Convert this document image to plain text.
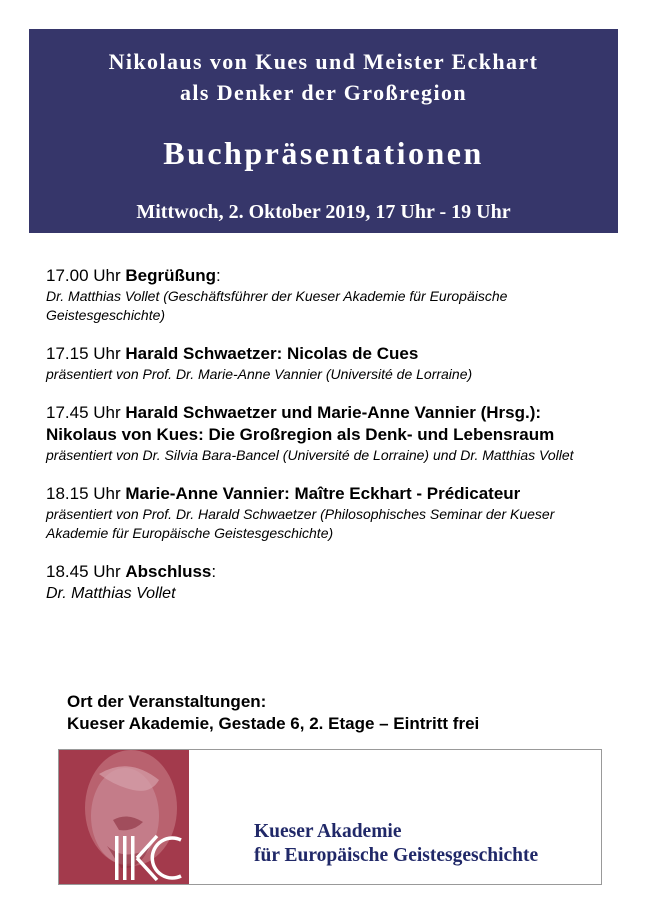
Nikolaus von Kues und Meister Eckhart
als Denker der Großregion
Buchpräsentationen
Mittwoch, 2. Oktober 2019, 17 Uhr - 19 Uhr
17.00 Uhr Begrüßung:
Dr. Matthias Vollet (Geschäftsführer der Kueser Akademie für Europäische Geistesgeschichte)
17.15 Uhr Harald Schwaetzer: Nicolas de Cues
präsentiert von Prof. Dr. Marie-Anne Vannier (Université de Lorraine)
17.45 Uhr Harald Schwaetzer und Marie-Anne Vannier (Hrsg.): Nikolaus von Kues: Die Großregion als Denk- und Lebensraum
präsentiert von Dr. Silvia Bara-Bancel (Université de Lorraine) und Dr. Matthias Vollet
18.15 Uhr Marie-Anne Vannier: Maître Eckhart - Prédicateur
präsentiert von Prof. Dr. Harald Schwaetzer (Philosophisches Seminar der Kueser Akademie für Europäische Geistesgeschichte)
18.45 Uhr Abschluss:
Dr. Matthias Vollet
Ort der Veranstaltungen:
Kueser Akademie, Gestade 6, 2. Etage – Eintritt frei
Kueser Akademie
für Europäische Geistesgeschichte
